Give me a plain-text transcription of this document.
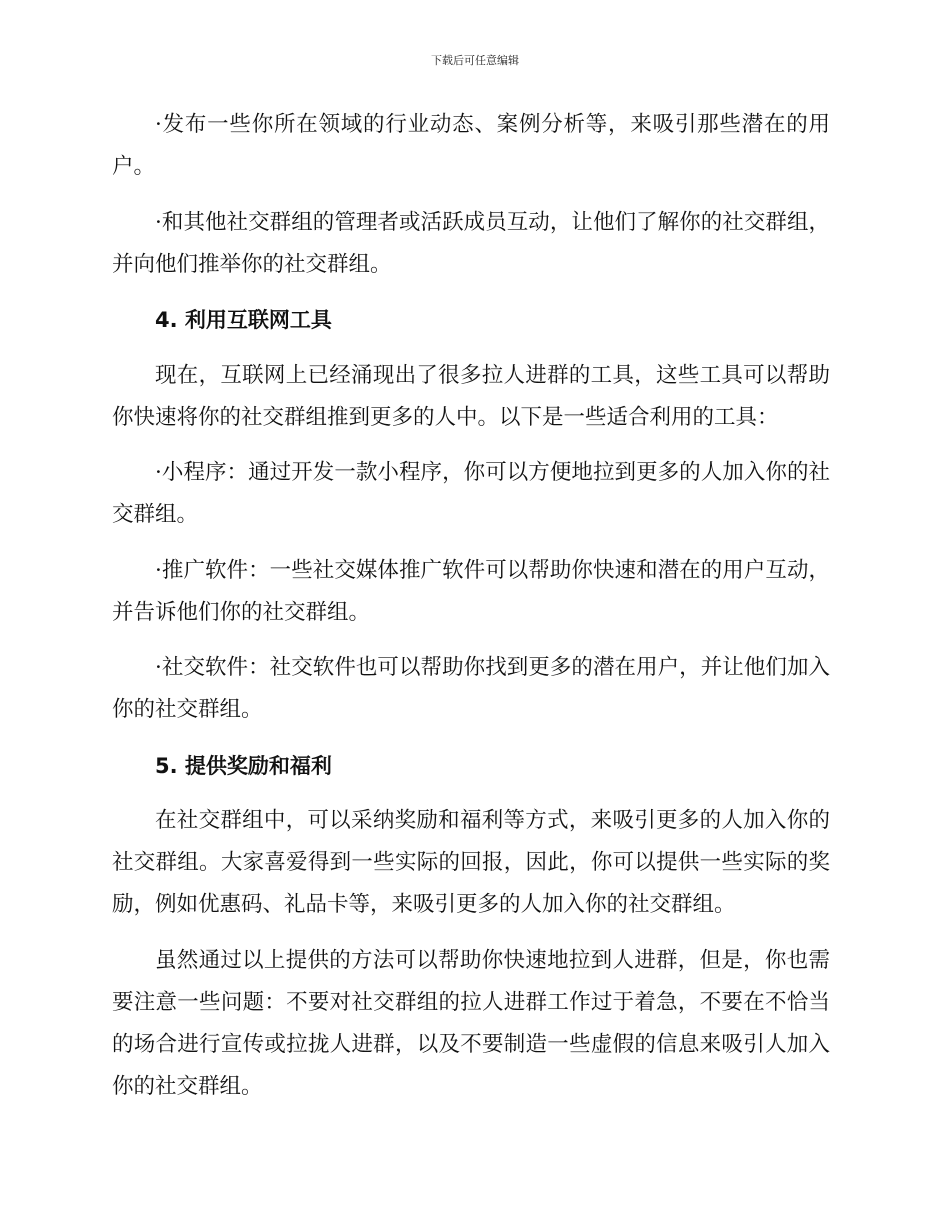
下载后可任意编辑

·发布一些你所在领域的行业动态、案例分析等，来吸引那些潜在的用户。

·和其他社交群组的管理者或活跃成员互动，让他们了解你的社交群组，并向他们推举你的社交群组。

4. 利用互联网工具

现在，互联网上已经涌现出了很多拉人进群的工具，这些工具可以帮助你快速将你的社交群组推到更多的人中。以下是一些适合利用的工具：

·小程序：通过开发一款小程序，你可以方便地拉到更多的人加入你的社交群组。

·推广软件：一些社交媒体推广软件可以帮助你快速和潜在的用户互动，并告诉他们你的社交群组。

·社交软件：社交软件也可以帮助你找到更多的潜在用户，并让他们加入你的社交群组。

5. 提供奖励和福利

在社交群组中，可以采纳奖励和福利等方式，来吸引更多的人加入你的社交群组。大家喜爱得到一些实际的回报，因此，你可以提供一些实际的奖励，例如优惠码、礼品卡等，来吸引更多的人加入你的社交群组。

虽然通过以上提供的方法可以帮助你快速地拉到人进群，但是，你也需要注意一些问题：不要对社交群组的拉人进群工作过于着急，不要在不恰当的场合进行宣传或拉拢人进群，以及不要制造一些虚假的信息来吸引人加入你的社交群组。
